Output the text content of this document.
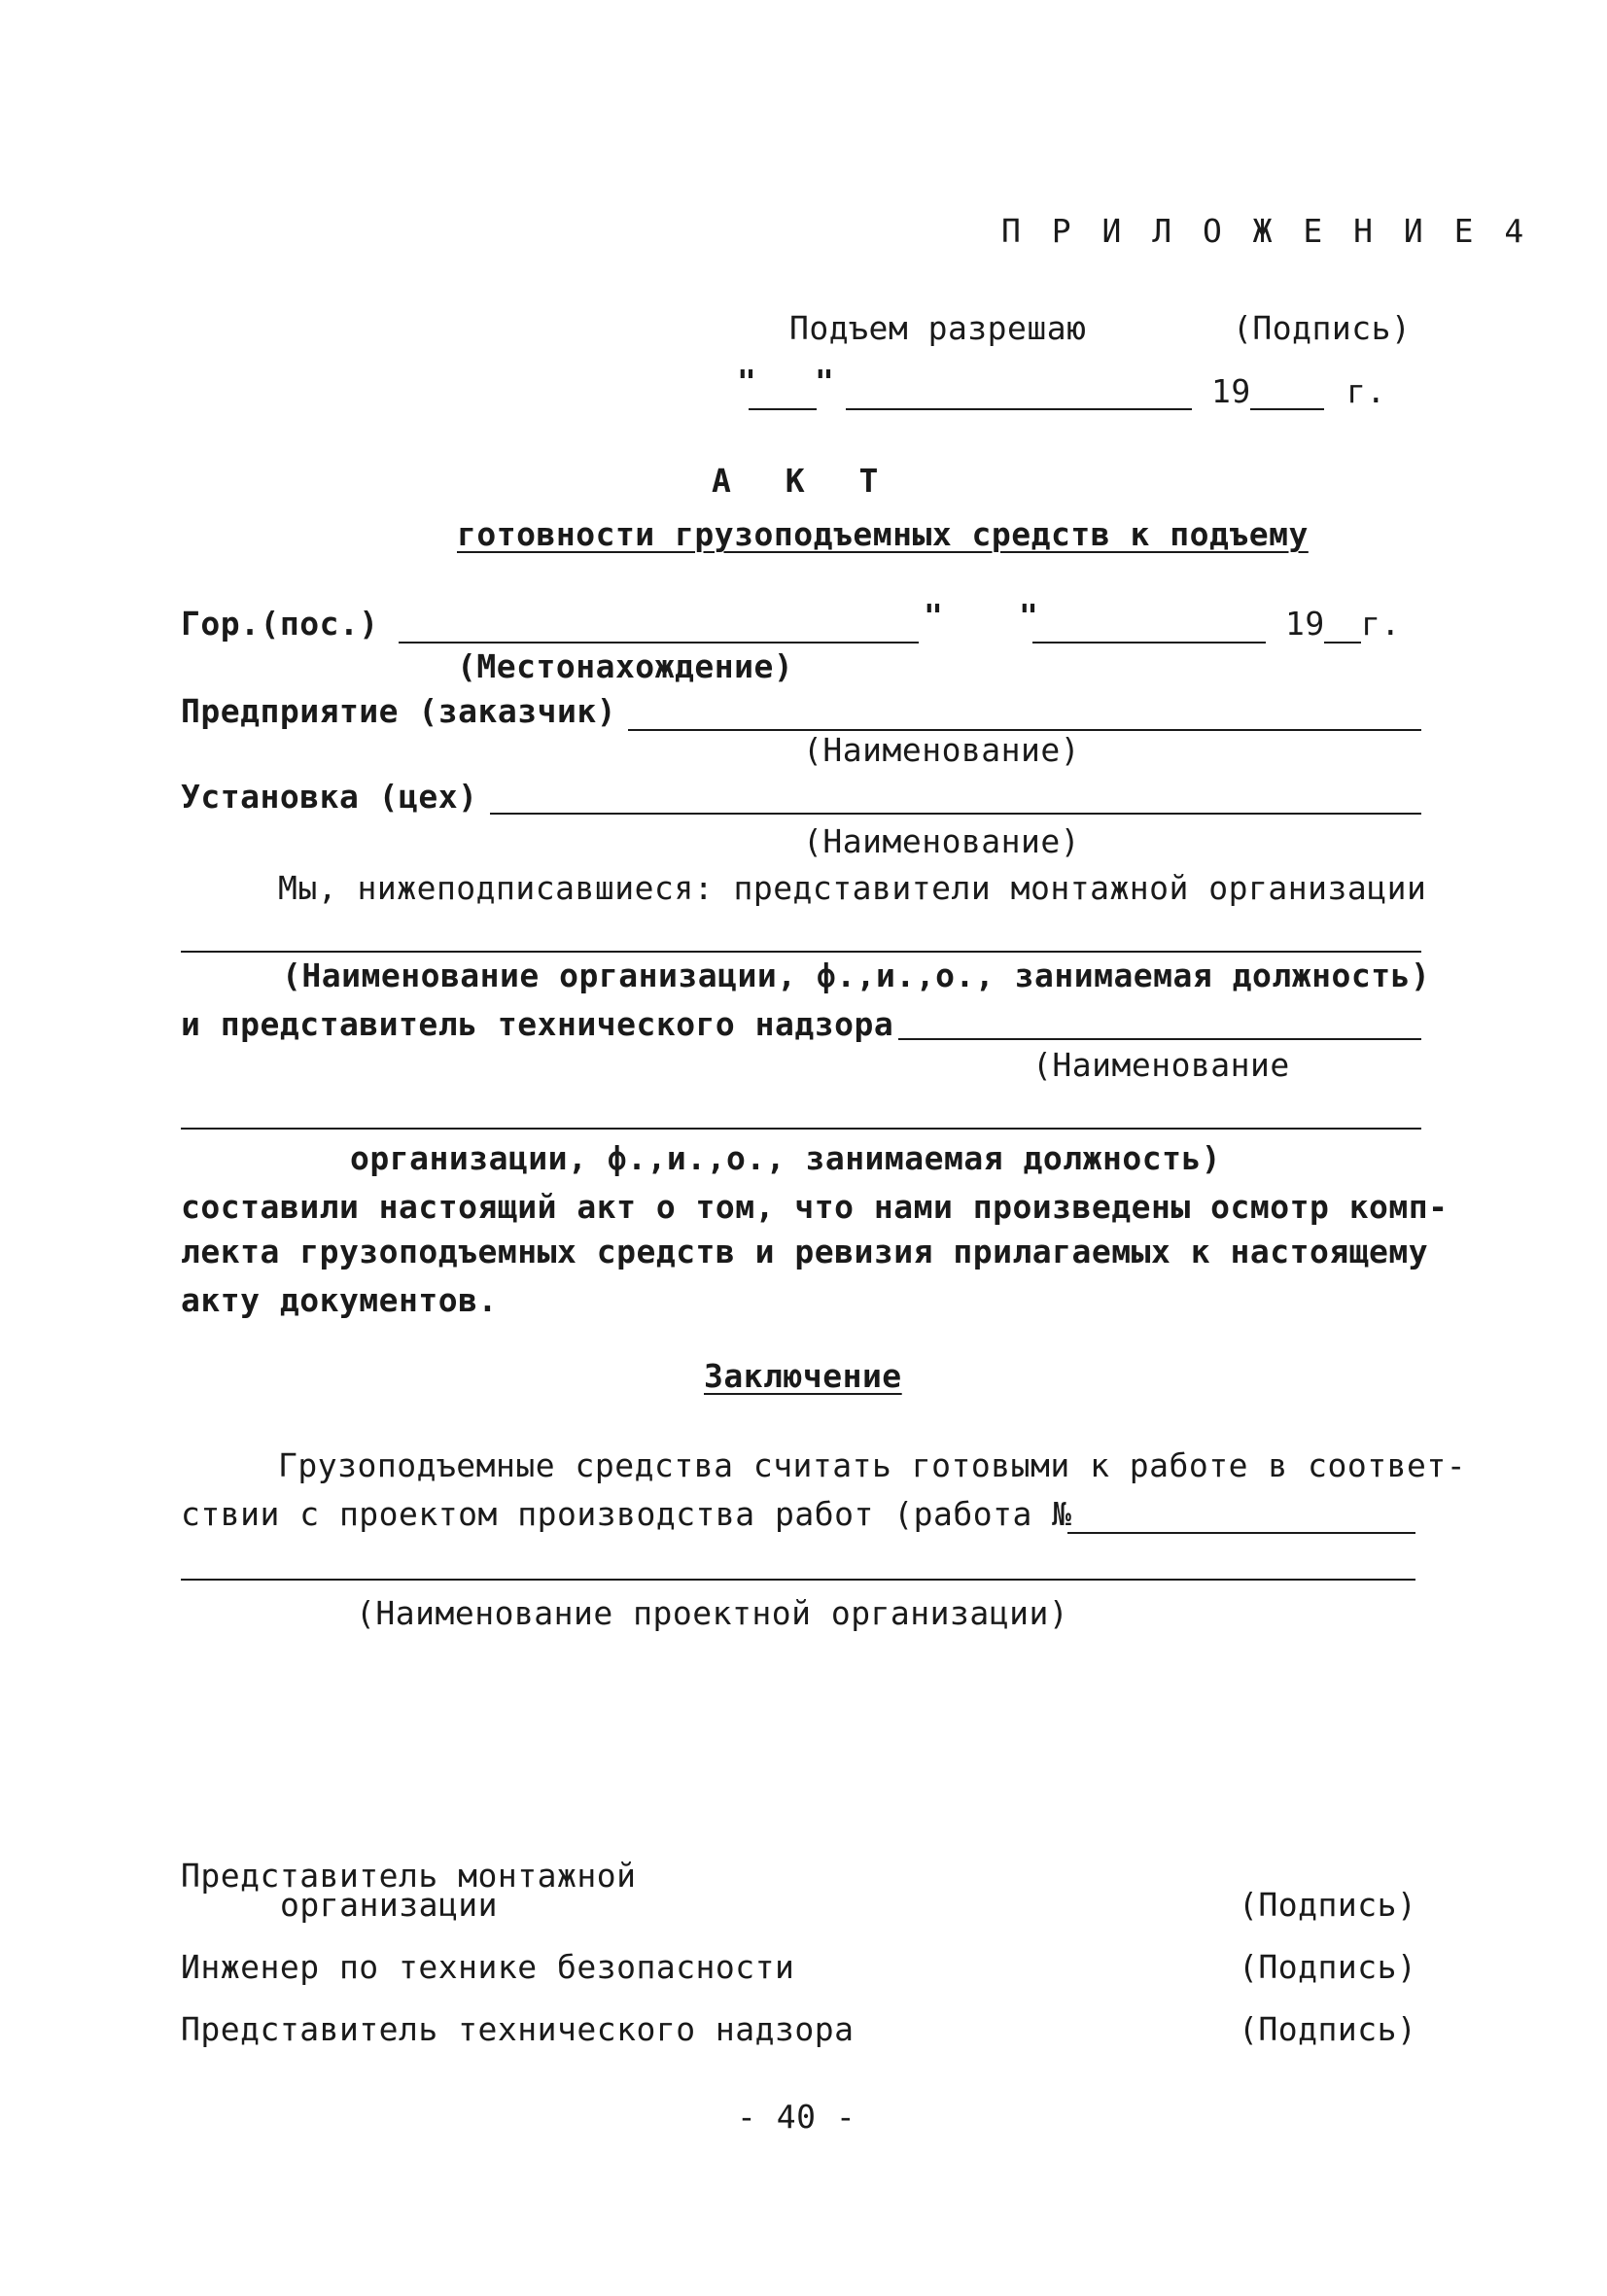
П Р И Л О Ж Е Н И Е 4
Подъем разрешаю	(Подпись)
" "	19	г.
А К Т
готовности грузоподъемных средств к подъему
Гор.(пос.)	" "	19 г.
(Местонахождение)
Предприятие (заказчик)
(Наименование)
Установка (цех)
(Наименование)
Мы, нижеподписавшиеся: представители монтажной организации
(Наименование организации, ф.,и.,о., занимаемая должность)
и представитель технического надзора
(Наименование
организации, ф.,и.,о., занимаемая должность)
составили настоящий акт о том, что нами произведены осмотр комп-
лекта грузоподъемных средств и ревизия прилагаемых к настоящему
акту документов.
Заключение
Грузоподъемные средства считать готовыми к работе в соответ-
ствии с проектом производства работ (работа №
(Наименование проектной организации)
Представитель монтажной
организации	(Подпись)
Инженер по технике безопасности	(Подпись)
Представитель технического надзора	(Подпись)
- 40 -
